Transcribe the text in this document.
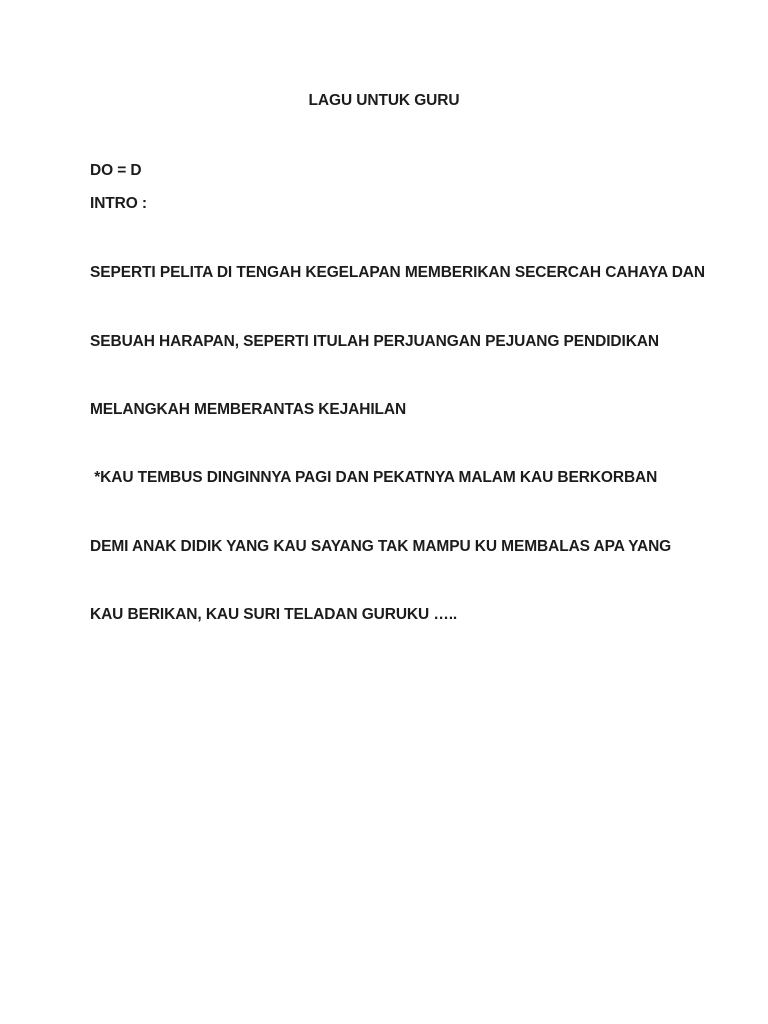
LAGU UNTUK GURU
DO = D
INTRO :
SEPERTI PELITA DI TENGAH KEGELAPAN MEMBERIKAN SECERCAH CAHAYA DAN
SEBUAH HARAPAN, SEPERTI ITULAH PERJUANGAN PEJUANG PENDIDIKAN
MELANGKAH MEMBERANTAS KEJAHILAN
*KAU TEMBUS DINGINNYA PAGI DAN PEKATNYA MALAM KAU BERKORBAN
DEMI ANAK DIDIK YANG KAU SAYANG TAK MAMPU KU MEMBALAS APA YANG
KAU BERIKAN, KAU SURI TELADAN GURUKU …..
